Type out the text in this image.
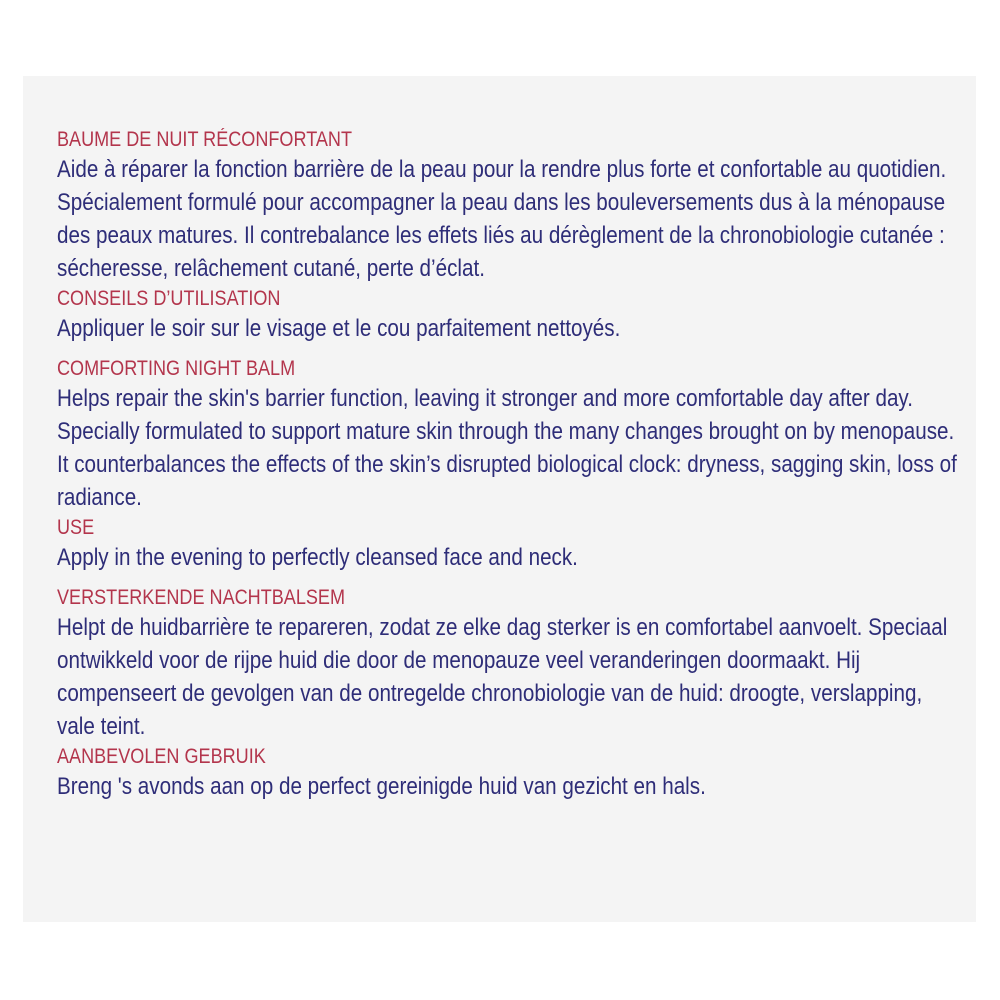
BAUME DE NUIT RÉCONFORTANT

Aide à réparer la fonction barrière de la peau pour la rendre plus forte et confortable au quotidien. Spécialement formulé pour accompagner la peau dans les bouleversements dus à la ménopause des peaux matures. Il contrebalance les effets liés au dérèglement de la chronobiologie cutanée : sécheresse, relâchement cutané, perte d’éclat.

CONSEILS D’UTILISATION

Appliquer le soir sur le visage et le cou parfaitement nettoyés.

COMFORTING NIGHT BALM

Helps repair the skin's barrier function, leaving it stronger and more comfortable day after day. Specially formulated to support mature skin through the many changes brought on by menopause. It counterbalances the effects of the skin’s disrupted biological clock: dryness, sagging skin, loss of radiance.

USE

Apply in the evening to perfectly cleansed face and neck.

VERSTERKENDE NACHTBALSEM

Helpt de huidbarrière te repareren, zodat ze elke dag sterker is en comfortabel aanvoelt. Speciaal ontwikkeld voor de rijpe huid die door de menopauze veel veranderingen doormaakt. Hij compenseert de gevolgen van de ontregelde chronobiologie van de huid: droogte, verslapping, vale teint.

AANBEVOLEN GEBRUIK

Breng 's avonds aan op de perfect gereinigde huid van gezicht en hals.
